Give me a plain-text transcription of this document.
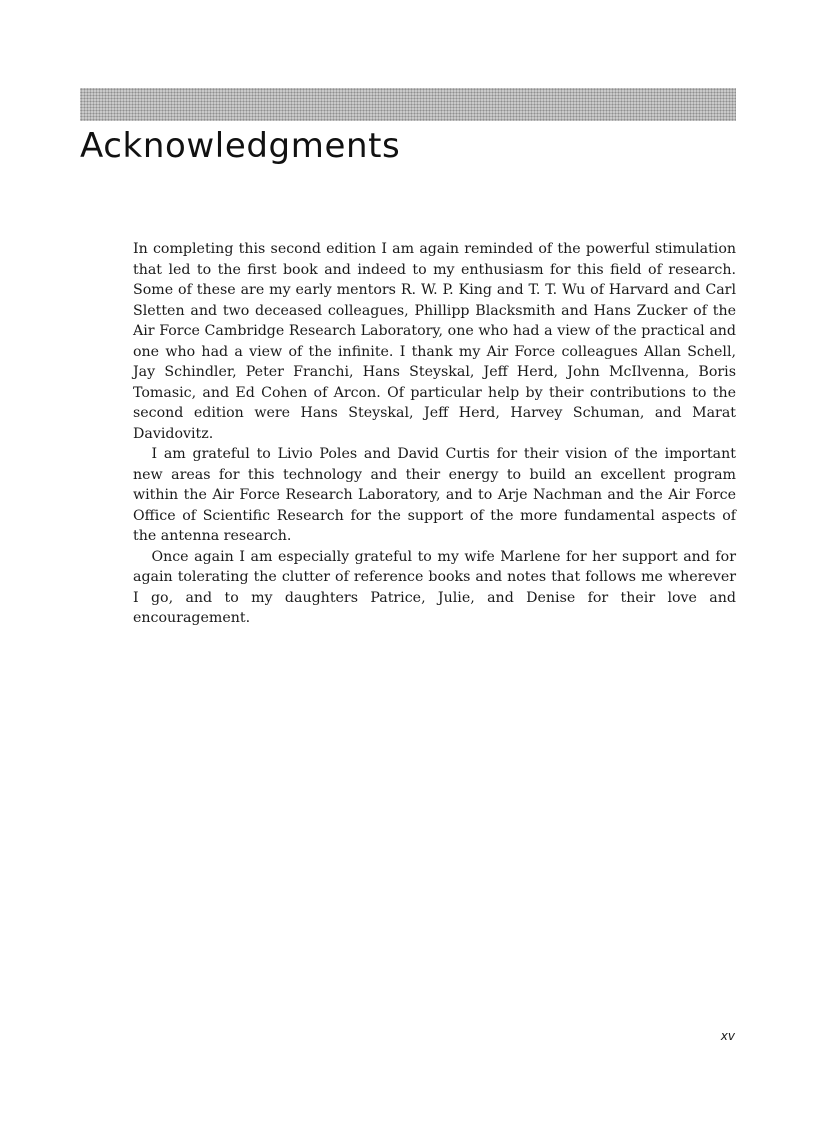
Acknowledgments

In completing this second edition I am again reminded of the powerful stimulation that led to the first book and indeed to my enthusiasm for this field of research. Some of these are my early mentors R. W. P. King and T. T. Wu of Harvard and Carl Sletten and two deceased colleagues, Phillipp Blacksmith and Hans Zucker of the Air Force Cambridge Research Laboratory, one who had a view of the practical and one who had a view of the infinite. I thank my Air Force colleagues Allan Schell, Jay Schindler, Peter Franchi, Hans Steyskal, Jeff Herd, John McIlvenna, Boris Tomasic, and Ed Cohen of Arcon. Of particular help by their contributions to the second edition were Hans Steyskal, Jeff Herd, Harvey Schuman, and Marat Davidovitz.

I am grateful to Livio Poles and David Curtis for their vision of the important new areas for this technology and their energy to build an excellent program within the Air Force Research Laboratory, and to Arje Nachman and the Air Force Office of Scientific Research for the support of the more fundamental aspects of the antenna research.

Once again I am especially grateful to my wife Marlene for her support and for again tolerating the clutter of reference books and notes that follows me wherever I go, and to my daughters Patrice, Julie, and Denise for their love and encouragement.

xv
